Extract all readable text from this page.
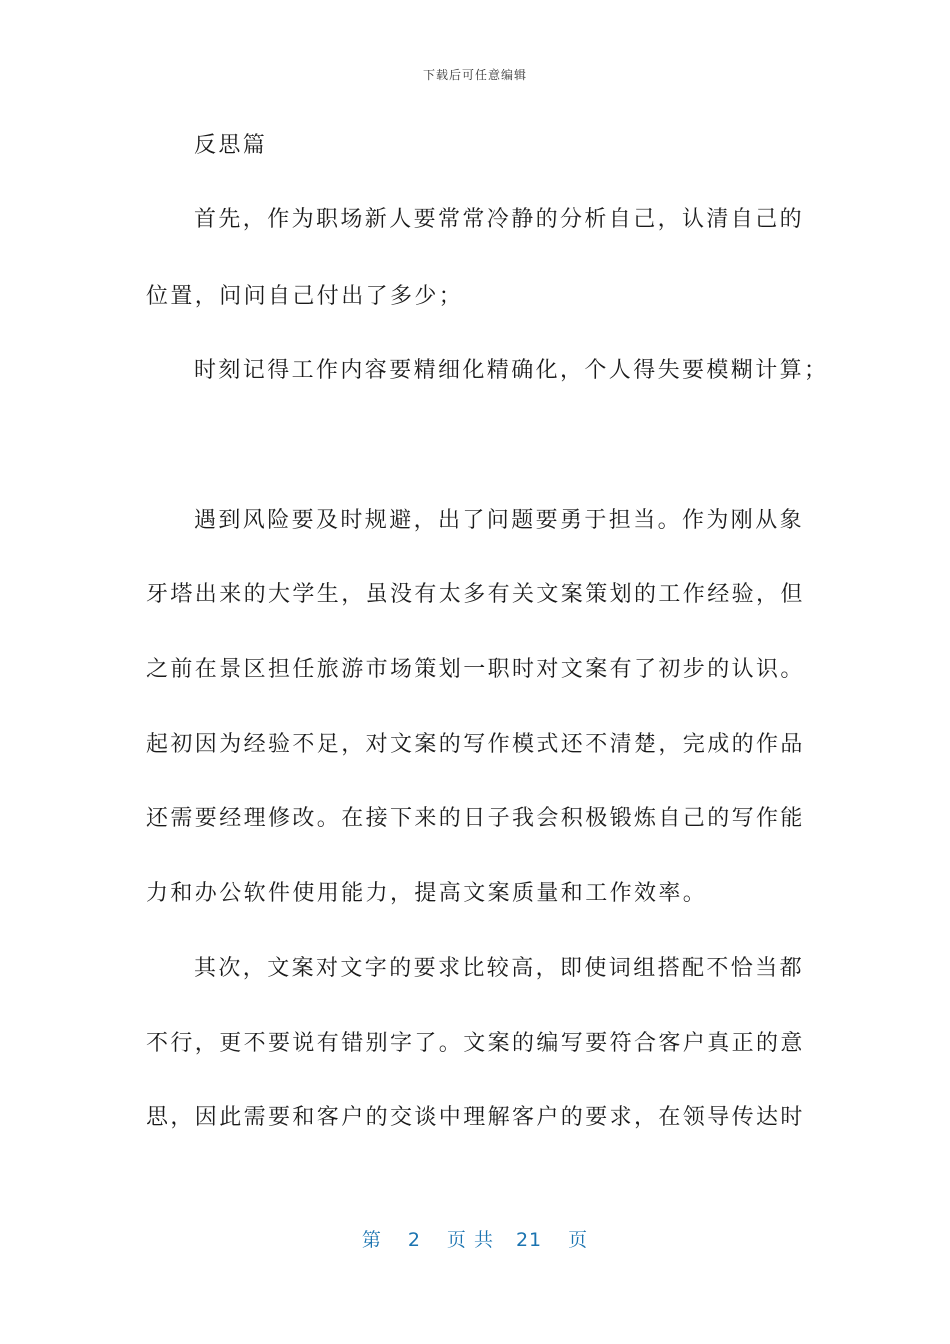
下载后可任意编辑
反思篇
首先，作为职场新人要常常冷静的分析自己，认清自己的
位置，问问自己付出了多少；
时刻记得工作内容要精细化精确化，个人得失要模糊计算；
遇到风险要及时规避，出了问题要勇于担当。作为刚从象
牙塔出来的大学生，虽没有太多有关文案策划的工作经验，但
之前在景区担任旅游市场策划一职时对文案有了初步的认识。
起初因为经验不足，对文案的写作模式还不清楚，完成的作品
还需要经理修改。在接下来的日子我会积极锻炼自己的写作能
力和办公软件使用能力，提高文案质量和工作效率。
其次，文案对文字的要求比较高，即使词组搭配不恰当都
不行，更不要说有错别字了。文案的编写要符合客户真正的意
思，因此需要和客户的交谈中理解客户的要求，在领导传达时
第 2 页 共 21 页
